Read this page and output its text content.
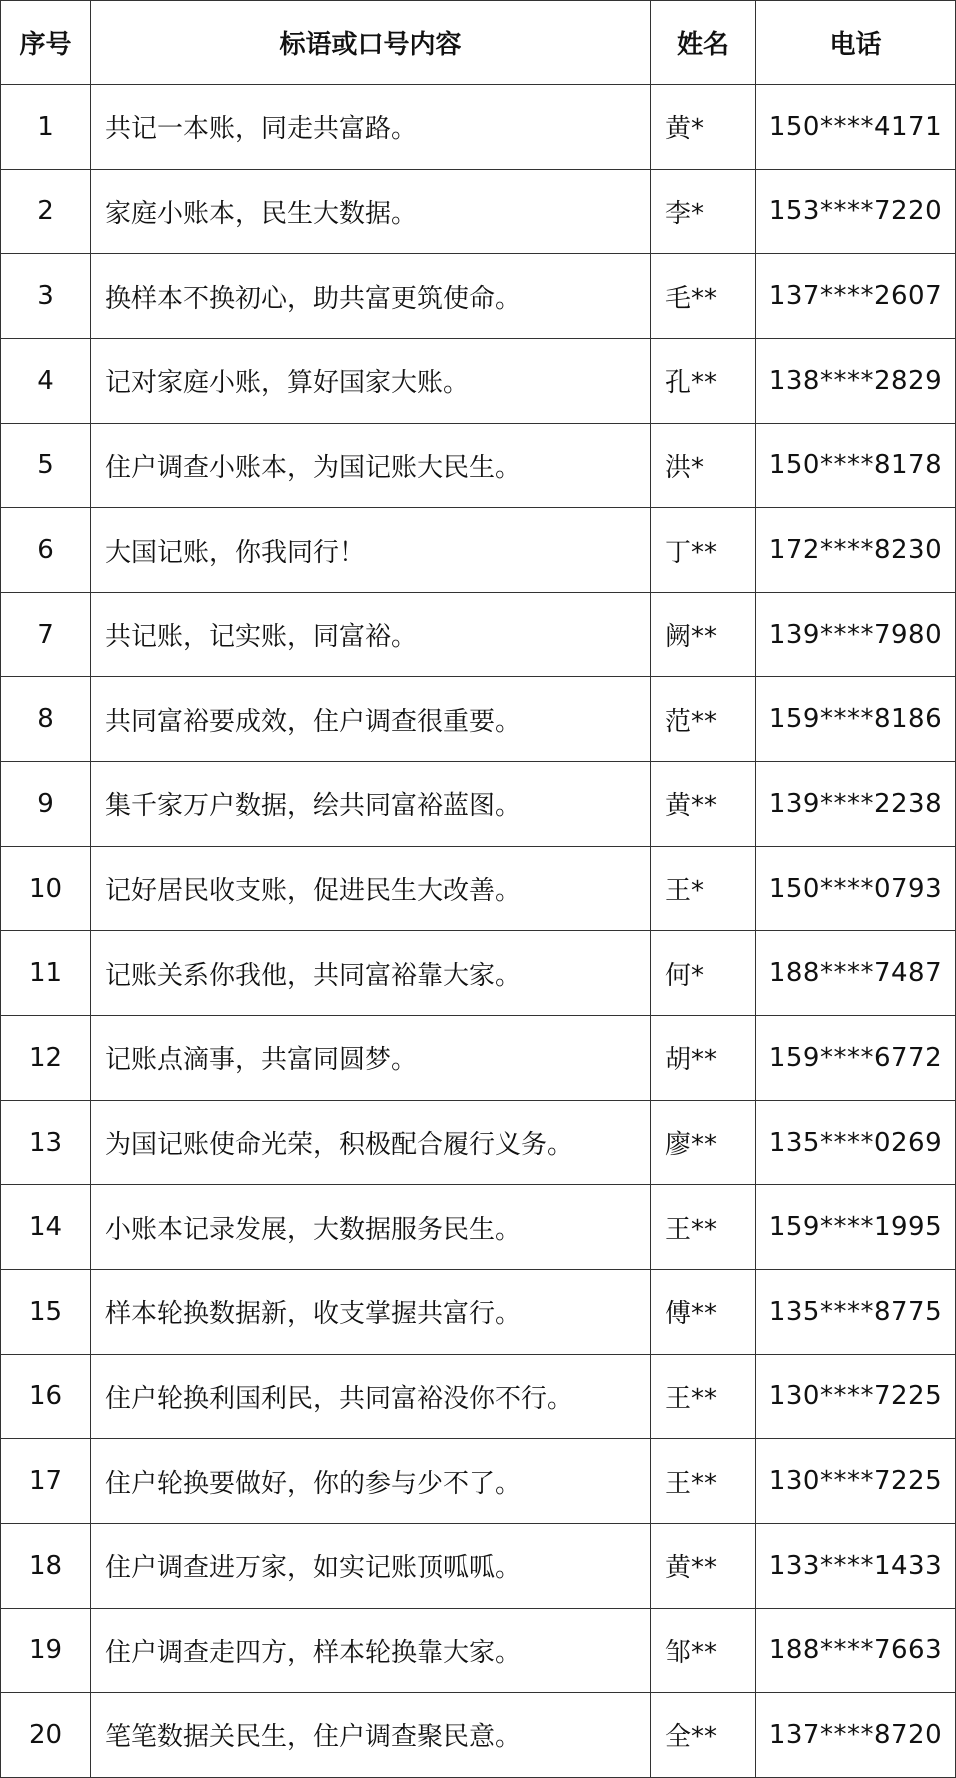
序号	标语或口号内容	姓名	电话
1	共记一本账，同走共富路。	黄*	150****4171
2	家庭小账本，民生大数据。	李*	153****7220
3	换样本不换初心，助共富更筑使命。	毛**	137****2607
4	记对家庭小账，算好国家大账。	孔**	138****2829
5	住户调查小账本，为国记账大民生。	洪*	150****8178
6	大国记账，你我同行！	丁**	172****8230
7	共记账，记实账，同富裕。	阙**	139****7980
8	共同富裕要成效，住户调查很重要。	范**	159****8186
9	集千家万户数据，绘共同富裕蓝图。	黄**	139****2238
10	记好居民收支账，促进民生大改善。	王*	150****0793
11	记账关系你我他，共同富裕靠大家。	何*	188****7487
12	记账点滴事，共富同圆梦。	胡**	159****6772
13	为国记账使命光荣，积极配合履行义务。	廖**	135****0269
14	小账本记录发展，大数据服务民生。	王**	159****1995
15	样本轮换数据新，收支掌握共富行。	傅**	135****8775
16	住户轮换利国利民，共同富裕没你不行。	王**	130****7225
17	住户轮换要做好，你的参与少不了。	王**	130****7225
18	住户调查进万家，如实记账顶呱呱。	黄**	133****1433
19	住户调查走四方，样本轮换靠大家。	邹**	188****7663
20	笔笔数据关民生，住户调查聚民意。	全**	137****8720
